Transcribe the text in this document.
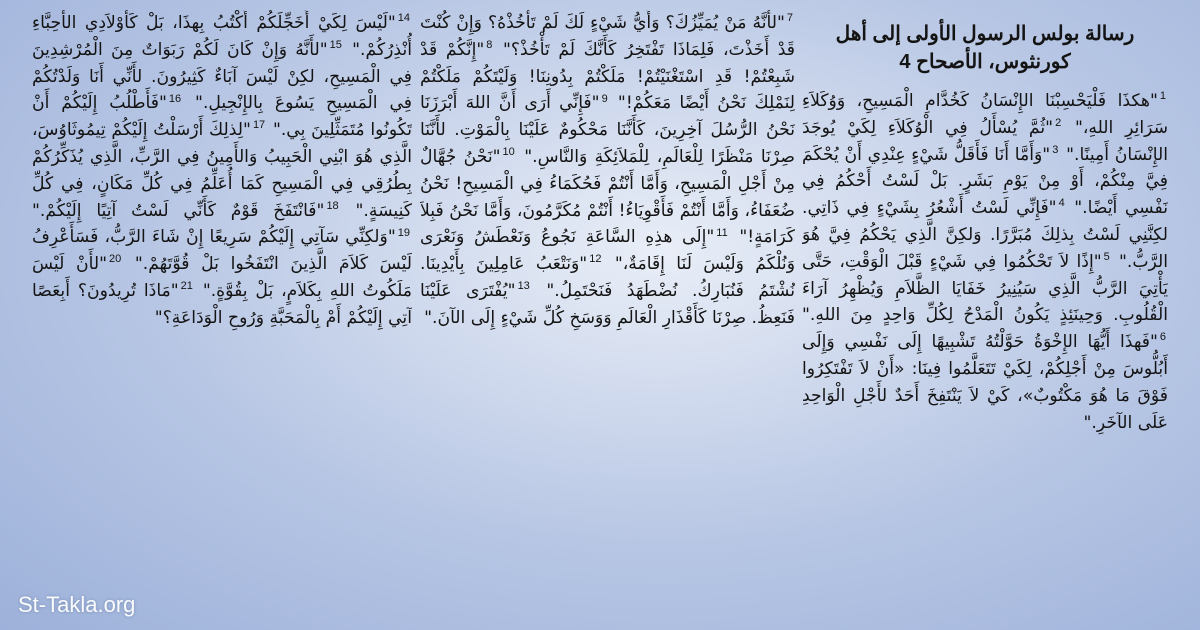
رسالة بولس الرسول الأولى إلى أهل
كورنثوس، الأصحاح 4
$^1$"هكذَا فَلْيَحْسِبْنَا الإِنْسَانُ كَخُدَّامِ الْمَسِيحِ، وَوُكَلاَءِ سَرَائِرِ اللهِ،" $^2$"ثُمَّ يُسْأَلُ فِي الْوُكَلاَءِ لِكَيْ يُوجَدَ الإِنْسَانُ أَمِينًا." $^3$"وَأَمَّا أَنَا فَأَقَلُّ شَيْءٍ عِنْدِي أَنْ يُحْكَمَ فِيَّ مِنْكُمْ، أَوْ مِنْ يَوْمِ بَشَرٍ. بَلْ لَسْتُ أَحْكُمُ فِي نَفْسِي أَيْضًا." $^4$"فَإِنِّي لَسْتُ أَشْعُرُ بِشَيْءٍ فِي ذَاتِي. لكِنَّنِي لَسْتُ بِذلِكَ مُبَرَّرًا. وَلكِنَّ الَّذِي يَحْكُمُ فِيَّ هُوَ الرَّبُّ." $^5$"إِذًا لاَ تَحْكُمُوا فِي شَيْءٍ قَبْلَ الْوَقْتِ، حَتَّى يَأْتِيَ الرَّبُّ الَّذِي سَيُنِيرُ خَفَايَا الظَّلاَمِ وَيُظْهِرُ آرَاءَ الْقُلُوبِ. وَحِينَئِذٍ يَكُونُ الْمَدْحُ لِكُلِّ وَاحِدٍ مِنَ اللهِ." $^6$"فَهذَا أَيُّهَا الإِخْوَةُ حَوَّلْتُهُ تَشْبِيهًا إِلَى نَفْسِي وَإِلَى أَبُلُّوسَ مِنْ أَجْلِكُمْ، لِكَيْ تَتَعَلَّمُوا فِينَا: «أَنْ لاَ تَفْتَكِرُوا فَوْقَ مَا هُوَ مَكْتُوبٌ»، كَيْ لاَ يَنْتَفِخَ أَحَدٌ لأَجْلِ الْوَاحِدِ عَلَى الآخَرِ."
$^7$"لأَنَّهُ مَنْ يُمَيِّزُكَ؟ وَأَيُّ شَيْءٍ لَكَ لَمْ تَأْخُذْهُ؟ وَإِنْ كُنْتَ قَدْ أَخَذْتَ، فَلِمَاذَا تَفْتَخِرُ كَأَنَّكَ لَمْ تَأْخُذْ؟" $^8$"إِنَّكُمْ قَدْ شَبِعْتُمْ! قَدِ اسْتَغْنَيْتُمْ! مَلَكْتُمْ بِدُونِنَا! وَلَيْتَكُمْ مَلَكْتُمْ لِنَمْلِكَ نَحْنُ أَيْضًا مَعَكُمْ!" $^9$"فَإِنِّي أَرَى أَنَّ اللهَ أَبْرَزَنَا نَحْنُ الرُّسُلَ آخِرِينَ، كَأَنَّنَا مَحْكُومٌ عَلَيْنَا بِالْمَوْتِ. لأَنَّنَا صِرْنَا مَنْظَرًا لِلْعَالَمِ، لِلْمَلاَئِكَةِ وَالنَّاسِ." $^{10}$"نَحْنُ جُهَّالٌ مِنْ أَجْلِ الْمَسِيحِ، وَأَمَّا أَنْتُمْ فَحُكَمَاءُ فِي الْمَسِيحِ! نَحْنُ ضُعَفَاءُ، وَأَمَّا أَنْتُمْ فَأَقْوِيَاءُ! أَنْتُمْ مُكَرَّمُونَ، وَأَمَّا نَحْنُ فَبِلاَ كَرَامَةٍ!" $^{11}$"إِلَى هذِهِ السَّاعَةِ نَجُوعُ وَنَعْطَشُ وَنَعْرَى وَنُلْكَمُ وَلَيْسَ لَنَا إِقَامَةٌ،" $^{12}$"وَنَتْعَبُ عَامِلِينَ بِأَيْدِينَا. نُشْتَمُ فَنُبَارِكُ. نُضْطَهَدُ فَنَحْتَمِلُ." $^{13}$"يُفْتَرَى عَلَيْنَا فَنَعِظُ. صِرْنَا كَأَقْذَارِ الْعَالَمِ وَوَسَخِ كُلِّ شَيْءٍ إِلَى الآنَ."
$^{14}$"لَيْسَ لِكَيْ أُخَجِّلَكُمْ أَكْتُبُ بِهذَا، بَلْ كَأَوْلاَدِي الأَحِبَّاءِ أُنْذِرُكُمْ." $^{15}$"لأَنَّهُ وَإِنْ كَانَ لَكُمْ رَبَوَاتٌ مِنَ الْمُرْشِدِينَ فِي الْمَسِيحِ، لكِنْ لَيْسَ آبَاءٌ كَثِيرُونَ. لأَنِّي أَنَا وَلَدْتُكُمْ فِي الْمَسِيحِ يَسُوعَ بِالإِنْجِيلِ." $^{16}$"فَأَطْلُبُ إِلَيْكُمْ أَنْ تَكُونُوا مُتَمَثِّلِينَ بِي." $^{17}$"لِذلِكَ أَرْسَلْتُ إِلَيْكُمْ تِيمُوثَاوُسَ، الَّذِي هُوَ ابْنِي الْحَبِيبُ وَالأَمِينُ فِي الرَّبِّ، الَّذِي يُذَكِّرُكُمْ بِطُرُقِي فِي الْمَسِيحِ كَمَا أُعَلِّمُ فِي كُلِّ مَكَانٍ، فِي كُلِّ كَنِيسَةٍ." $^{18}$"فَانْتَفَخَ قَوْمٌ كَأَنِّي لَسْتُ آتِيًا إِلَيْكُمْ." $^{19}$"وَلكِنِّي سَآتِي إِلَيْكُمْ سَرِيعًا إِنْ شَاءَ الرَّبُّ، فَسَأَعْرِفُ لَيْسَ كَلاَمَ الَّذِينَ انْتَفَخُوا بَلْ قُوَّتَهُمْ." $^{20}$"لأَنْ لَيْسَ مَلَكُوتُ اللهِ بِكَلاَمٍ، بَلْ بِقُوَّةٍ." $^{21}$"مَاذَا تُرِيدُونَ؟ أَبِعَصًا آتِي إِلَيْكُمْ أَمْ بِالْمَحَبَّةِ وَرُوحِ الْوَدَاعَةِ؟"
St-Takla.org
